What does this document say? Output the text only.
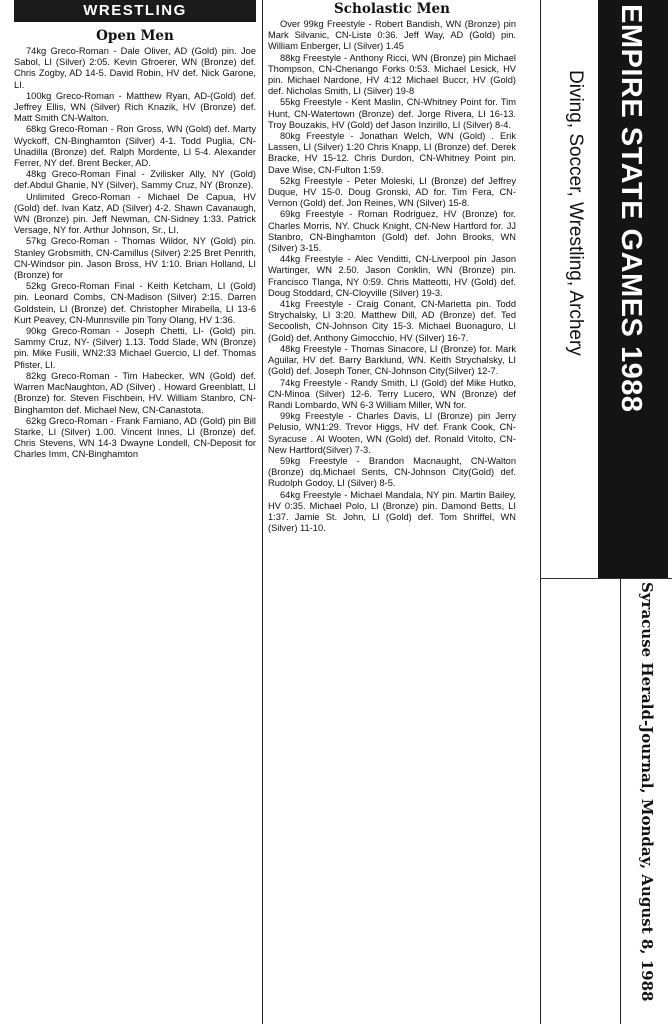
WRESTLING
Open Men

74kg Greco-Roman - Dale Oliver, AD (Gold) pin. Joe Sabol, LI (Silver) 2:05. Kevin Gfroerer, WN (Bronze) def. Chris Zogby, AD 14-5. David Robin, HV def. Nick Garone, LI.

100kg Greco-Roman - Matthew Ryan, AD-(Gold) def. Jeffrey Ellis, WN (Silver) Rich Knazik, HV (Bronze) def. Matt Smith CN-Walton.

68kg Greco-Roman - Ron Gross, WN (Gold) def. Marty Wyckoff, CN-Binghamton (Silver) 4-1. Todd Puglia, CN-Unadilla (Bronze) def. Ralph Mordente, LI 5-4. Alexander Ferrer, NY def. Brent Becker, AD.

48kg Greco-Roman Final - Zvilisker Ally, NY (Gold) def.Abdul Ghanie, NY (Silver), Sammy Cruz, NY (Bronze).

Unlimited Greco-Roman - Michael De Capua, HV (Gold) def. Ivan Katz, AD (Silver) 4-2. Shawn Cavanaugh, WN (Bronze) pin. Jeff Newman, CN-Sidney 1:33. Patrick Versage, NY for. Arthur Johnson, Sr., LI.

57kg Greco-Roman - Thomas Wildor, NY (Gold) pin. Stanley Grobsmith, CN-Camillus (Silver) 2:25 Bret Penrith, CN-Windsor pin. Jason Bross, HV 1:10. Brian Holland, LI (Bronze) for

52kg Greco-Roman Final - Keith Ketcham, LI (Gold) pin. Leonard Combs, CN-Madison (Silver) 2:15. Darren Goldstein, LI (Bronze) def. Christopher Mirabella, LI 13-6 Kurt Peavey, CN-Munnsville pin Tony Olang, HV 1:36.

90kg Greco-Roman - Joseph Chetti, LI- (Gold) pin. Sammy Cruz, NY- (Silver) 1.13. Todd Slade, WN (Bronze) pin. Mike Fusili, WN2:33 Michael Guercio, LI def. Thomas Pfister, LI.

82kg Greco-Roman - Tim Habecker, WN (Gold) def. Warren MacNaughton, AD (Silver) . Howard Greenblatt, LI (Bronze) for. Steven Fischbein, HV. William Stanbro, CN-Binghamton def. Michael New, CN-Canastota.

62kg Greco-Roman - Frank Famiano, AD (Gold) pin Bill Starke, LI (Silver) 1.00. Vincent Innes, LI (Bronze) def. Chris Stevens, WN 14-3 Dwayne Londell, CN-Deposit for Charles Imm, CN-Binghamton

Scholastic Men

Over 99kg Freestyle - Robert Bandish, WN (Bronze) pin Mark Silvanic, CN-Liste 0:36. Jeff Way, AD (Gold) pin. William Enberger, LI (Silver) 1.45

88kg Freestyle - Anthony Ricci, WN (Bronze) pin Michael Thompson, CN-Chenango Forks 0:53. Michael Lesick, HV pin. Michael Nardone, HV 4:12 Michael Buccr, HV (Gold) def. Nicholas Smith, LI (Silver) 19-8

55kg Freestyle - Kent Maslin, CN-Whitney Point for. Tim Hunt, CN-Watertown (Bronze) def. Jorge Rivera, LI 16-13. Troy Bouzakis, HV (Gold) def Jason Inzirillo, LI (Silver) 8-4.

80kg Freestyle - Jonathan Welch, WN (Gold) . Erik Lassen, LI (Silver) 1:20 Chris Knapp, LI (Bronze) def. Derek Bracke, HV 15-12. Chris Durdon, CN-Whitney Point pin. Dave Wise, CN-Fulton 1:59.

52kg Freestyle - Peter Moleski, LI (Bronze) def Jeffrey Duque, HV 15-0. Doug Gronski, AD for. Tim Fera, CN-Vernon (Gold) def. Jon Reines, WN (Silver) 15-8.

69kg Freestyle - Roman Rodriguez, HV (Bronze) for. Charles Morris, NY. Chuck Knight, CN-New Hartford for. JJ Stanbro, CN-Binghamton (Gold) def. John Brooks, WN (Silver) 3-15.

44kg Freestyle - Alec Venditti, CN-Liverpool pin Jason Wartinger, WN 2.50. Jason Conklin, WN (Bronze) pin. Francisco Tlanga, NY 0:59. Chris Matteotti, HV (Gold) def. Doug Stoddard, CN-Cloyville (Silver) 19-3.

41kg Freestyle - Craig Conant, CN-Marietta pin. Todd Strychalsky, LI 3:20. Matthew Dill, AD (Bronze) def. Ted Secoolish, CN-Johnson City 15-3. Michael Buonaguro, LI (Gold) def. Anthony Gimocchio, HV (Silver) 16-7.

48kg Freestyle - Thomas Sinacore, LI (Bronze) for. Mark Aguilar, HV def. Barry Barklund, WN. Keith Strychalsky, LI (Gold) def. Joseph Toner, CN-Johnson City(Silver) 12-7.

74kg Freestyle - Randy Smith, LI (Gold) def Mike Hutko, CN-Minoa (Silver) 12-6. Terry Lucero, WN (Bronze) def Randi Lombardo, WN 6-3 William Miller, WN for.

99kg Freestyle - Charles Davis, LI (Bronze) pin Jerry Pelusio, WN1:29. Trevor Higgs, HV def. Frank Cook, CN-Syracuse . Al Wooten, WN (Gold) def. Ronald Vitolto, CN-New Hartford(Silver) 7-3.

59kg Freestyle - Brandon Macnaught, CN-Walton (Bronze) dq.Michael Sents, CN-Johnson City(Gold) def. Rudolph Godoy, LI (Silver) 8-5.

64kg Freestyle - Michael Mandala, NY pin. Martin Bailey, HV 0:35. Michael Polo, LI (Bronze) pin. Damond Betts, LI 1:37. Jamie St. John, LI (Gold) def. Tom Shriffel, WN (Silver) 11-10.

EMPIRE STATE GAMES 1988
Diving, Soccer, Wrestling, Archery
Syracuse Herald-Journal, Monday, August 8, 1988
